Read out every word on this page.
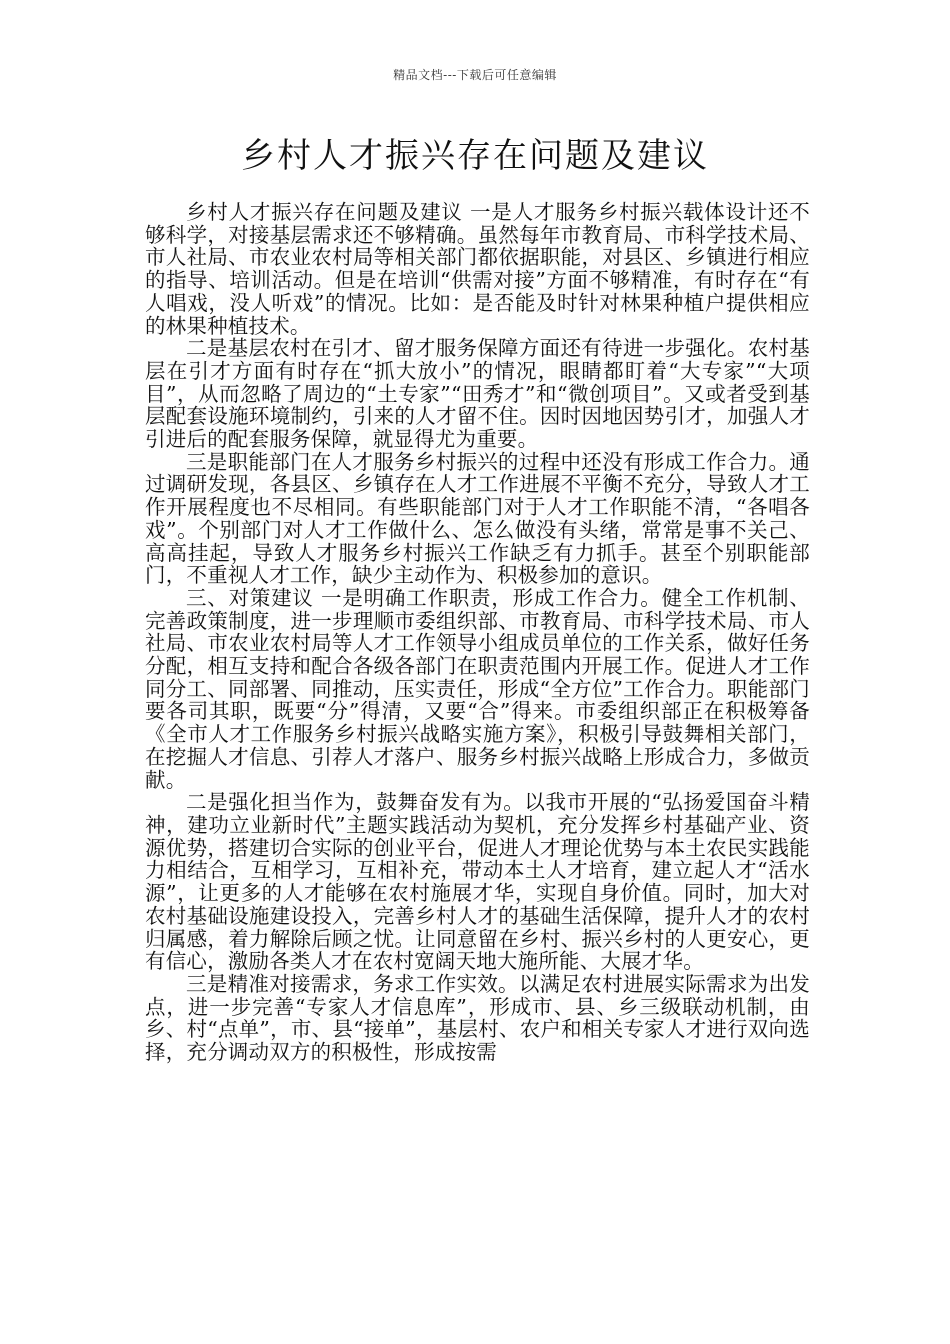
精品文档---下载后可任意编辑
乡村人才振兴存在问题及建议

乡村人才振兴存在问题及建议 一是人才服务乡村振兴载体设计还不够科学，对接基层需求还不够精确。虽然每年市教育局、市科学技术局、市人社局、市农业农村局等相关部门都依据职能，对县区、乡镇进行相应的指导、培训活动。但是在培训“供需对接”方面不够精准，有时存在“有人唱戏，没人听戏”的情况。比如：是否能及时针对林果种植户提供相应的林果种植技术。

二是基层农村在引才、留才服务保障方面还有待进一步强化。农村基层在引才方面有时存在“抓大放小”的情况，眼睛都盯着“大专家”“大项目”，从而忽略了周边的“土专家”“田秀才”和“微创项目”。又或者受到基层配套设施环境制约，引来的人才留不住。因时因地因势引才，加强人才引进后的配套服务保障，就显得尤为重要。

三是职能部门在人才服务乡村振兴的过程中还没有形成工作合力。通过调研发现，各县区、乡镇存在人才工作进展不平衡不充分，导致人才工作开展程度也不尽相同。有些职能部门对于人才工作职能不清，“各唱各戏”。个别部门对人才工作做什么、怎么做没有头绪，常常是事不关己、高高挂起，导致人才服务乡村振兴工作缺乏有力抓手。甚至个别职能部门，不重视人才工作，缺少主动作为、积极参加的意识。

三、对策建议 一是明确工作职责，形成工作合力。健全工作机制、完善政策制度，进一步理顺市委组织部、市教育局、市科学技术局、市人社局、市农业农村局等人才工作领导小组成员单位的工作关系，做好任务分配，相互支持和配合各级各部门在职责范围内开展工作。促进人才工作同分工、同部署、同推动，压实责任，形成“全方位”工作合力。职能部门要各司其职，既要“分”得清，又要“合”得来。市委组织部正在积极筹备《全市人才工作服务乡村振兴战略实施方案》，积极引导鼓舞相关部门，在挖掘人才信息、引荐人才落户、服务乡村振兴战略上形成合力，多做贡献。

二是强化担当作为，鼓舞奋发有为。以我市开展的“弘扬爱国奋斗精神，建功立业新时代”主题实践活动为契机，充分发挥乡村基础产业、资源优势，搭建切合实际的创业平台，促进人才理论优势与本土农民实践能力相结合，互相学习，互相补充，带动本土人才培育，建立起人才“活水源”，让更多的人才能够在农村施展才华，实现自身价值。同时，加大对农村基础设施建设投入，完善乡村人才的基础生活保障，提升人才的农村归属感，着力解除后顾之忧。让同意留在乡村、振兴乡村的人更安心，更有信心，激励各类人才在农村宽阔天地大施所能、大展才华。

三是精准对接需求，务求工作实效。以满足农村进展实际需求为出发点，进一步完善“专家人才信息库”，形成市、县、乡三级联动机制，由乡、村“点单”，市、县“接单”，基层村、农户和相关专家人才进行双向选择，充分调动双方的积极性，形成按需
